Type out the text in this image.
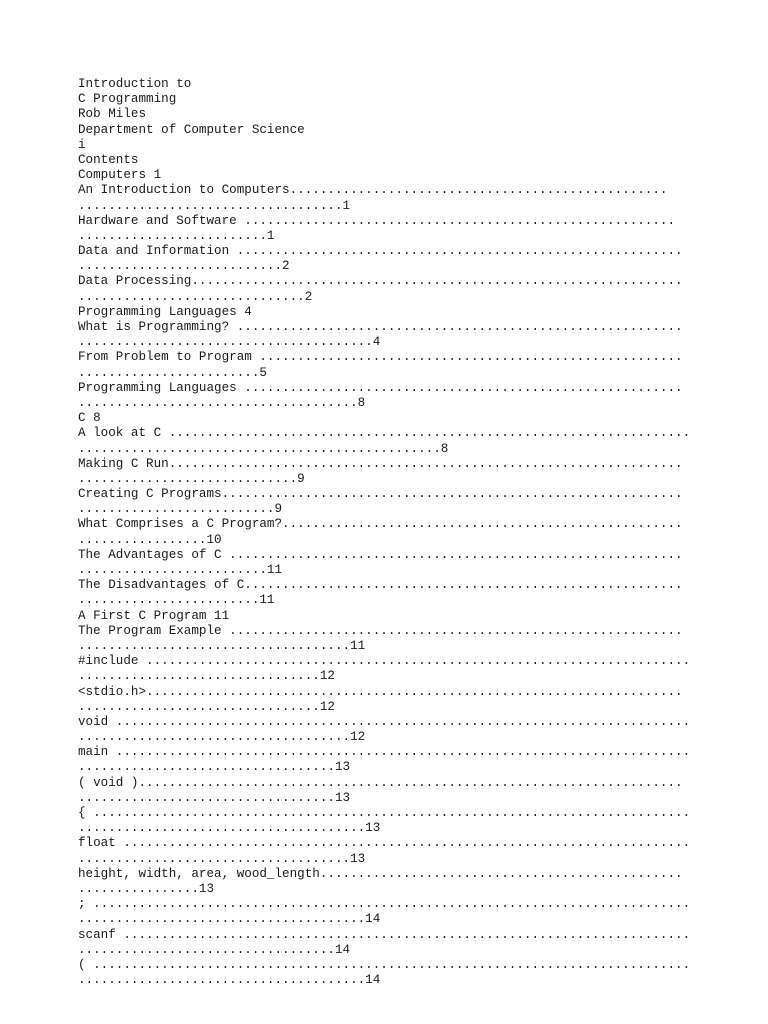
Introduction to
C Programming
Rob Miles
Department of Computer Science
i
Contents
Computers 1
An Introduction to Computers..................................................
...................................1
Hardware and Software .........................................................
.........................1
Data and Information ...........................................................
...........................2
Data Processing.................................................................
..............................2
Programming Languages 4
What is Programming? ...........................................................
.......................................4
From Problem to Program ........................................................
........................5
Programming Languages ..........................................................
.....................................8
C 8
A look at C .....................................................................
................................................8
Making C Run....................................................................
.............................9
Creating C Programs.............................................................
..........................9
What Comprises a C Program?.....................................................
.................10
The Advantages of C ............................................................
.........................11
The Disadvantages of C..........................................................
........................11
A First C Program 11
The Program Example ............................................................
....................................11
#include ........................................................................
................................12
<stdio.h>.......................................................................
................................12
void ............................................................................
....................................12
main ............................................................................
..................................13
( void )........................................................................
..................................13
{ ...............................................................................
......................................13
float ...........................................................................
....................................13
height, width, area, wood_length................................................
................13
; ...............................................................................
......................................14
scanf ...........................................................................
..................................14
( ...............................................................................
......................................14
